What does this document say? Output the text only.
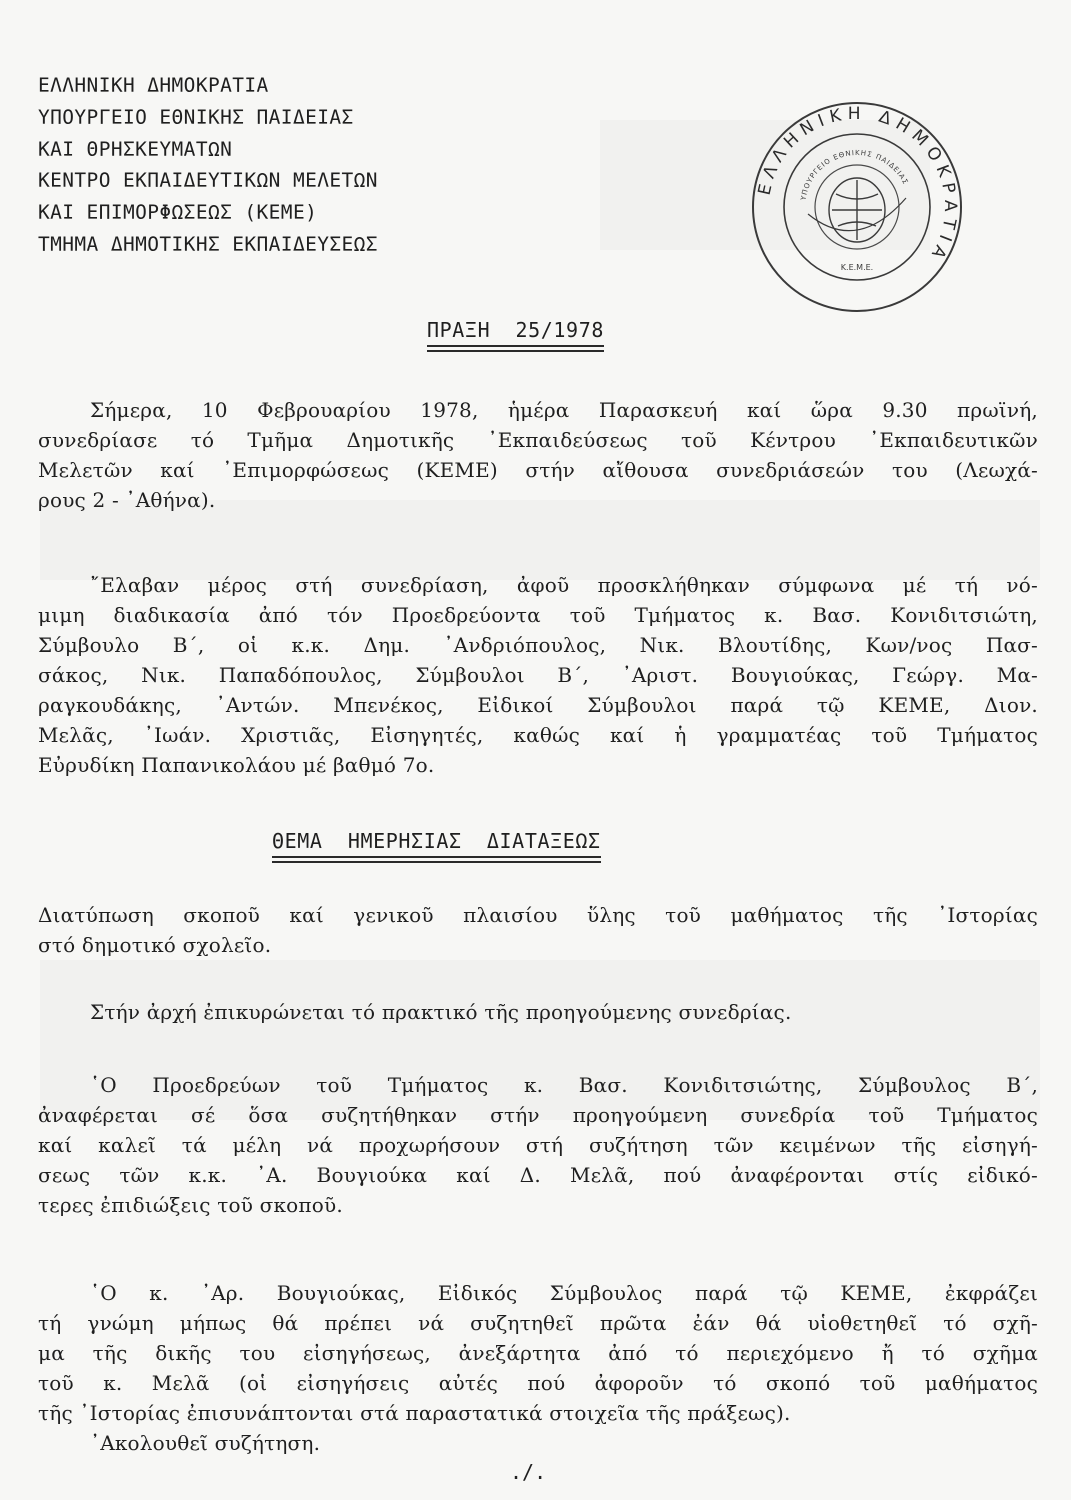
ΕΛΛΗΝΙΚΗ ΔΗΜΟΚΡΑΤΙΑ
ΥΠΟΥΡΓΕΙΟ ΕΘΝΙΚΗΣ ΠΑΙΔΕΙΑΣ
ΚΑΙ ΘΡΗΣΚΕΥΜΑΤΩΝ
ΚΕΝΤΡΟ ΕΚΠΑΙΔΕΥΤΙΚΩΝ ΜΕΛΕΤΩΝ
ΚΑΙ ΕΠΙΜΟΡΦΩΣΕΩΣ (ΚΕΜΕ)
ΤΜΗΜΑ ΔΗΜΟΤΙΚΗΣ ΕΚΠΑΙΔΕΥΣΕΩΣ
ΕΛΛΗΝΙΚΗ ΔΗΜΟΚΡΑΤΙΑ
ΥΠΟΥΡΓΕΙΟ ΕΘΝΙΚΗΣ ΠΑΙΔΕΙΑΣ
Κ.Ε.Μ.Ε.
ΠΡΑΞΗ  25/1978
Σήμερα, 10 Φεβρουαρίου 1978, ἡμέρα Παρασκευή καί ὥρα 9.30 πρωϊνή,
συνεδρίασε τό Τμῆμα Δημοτικῆς ᾿Εκπαιδεύσεως τοῦ Κέντρου ᾿Εκπαιδευτικῶν
Μελετῶν καί ᾿Επιμορφώσεως (ΚΕΜΕ) στήν αἴθουσα συνεδριάσεών του (Λεωχά-
ρους 2 - ᾿Αθήνα).
῎Ελαβαν μέρος στή συνεδρίαση, ἀφοῦ προσκλήθηκαν σύμφωνα μέ τή νό-
μιμη διαδικασία ἀπό τόν Προεδρεύοντα τοῦ Τμήματος κ. Βασ. Κονιδιτσιώτη,
Σύμβουλο Β΄, οἱ κ.κ. Δημ. ᾿Ανδριόπουλος, Νικ. Βλουτίδης, Κων/νος Πασ-
σάκος, Νικ. Παπαδόπουλος, Σύμβουλοι Β΄, ᾿Αριστ. Βουγιούκας, Γεώργ. Μα-
ραγκουδάκης, ᾿Αντών. Μπενέκος, Εἰδικοί Σύμβουλοι παρά τῷ ΚΕΜΕ, Διον.
Μελᾶς, ᾿Ιωάν. Χριστιᾶς, Εἰσηγητές, καθώς καί ἡ γραμματέας τοῦ Τμήματος
Εὐρυδίκη Παπανικολάου μέ βαθμό 7ο.
ΘΕΜΑ  ΗΜΕΡΗΣΙΑΣ  ΔΙΑΤΑΞΕΩΣ
Διατύπωση σκοποῦ καί γενικοῦ πλαισίου ὕλης τοῦ μαθήματος τῆς ᾿Ιστορίας
στό δημοτικό σχολεῖο.
Στήν ἀρχή ἐπικυρώνεται τό πρακτικό τῆς προηγούμενης συνεδρίας.
῾Ο Προεδρεύων τοῦ Τμήματος κ. Βασ. Κονιδιτσιώτης, Σύμβουλος Β΄,
ἀναφέρεται σέ ὅσα συζητήθηκαν στήν προηγούμενη συνεδρία τοῦ Τμήματος
καί καλεῖ τά μέλη νά προχωρήσουν στή συζήτηση τῶν κειμένων τῆς εἰσηγή-
σεως τῶν κ.κ. ᾿Α. Βουγιούκα καί Δ. Μελᾶ, πού ἀναφέρονται στίς εἰδικό-
τερες ἐπιδιώξεις τοῦ σκοποῦ.
῾Ο κ. ᾿Αρ. Βουγιούκας, Εἰδικός Σύμβουλος παρά τῷ ΚΕΜΕ, ἐκφράζει
τή γνώμη μήπως θά πρέπει νά συζητηθεῖ πρῶτα ἐάν θά υἱοθετηθεῖ τό σχῆ-
μα τῆς δικῆς του εἰσηγήσεως, ἀνεξάρτητα ἀπό τό περιεχόμενο ἤ τό σχῆμα
τοῦ κ. Μελᾶ (οἱ εἰσηγήσεις αὐτές πού ἀφοροῦν τό σκοπό τοῦ μαθήματος
τῆς ᾿Ιστορίας ἐπισυνάπτονται στά παραστατικά στοιχεῖα τῆς πράξεως).
᾿Ακολουθεῖ συζήτηση.
./.
